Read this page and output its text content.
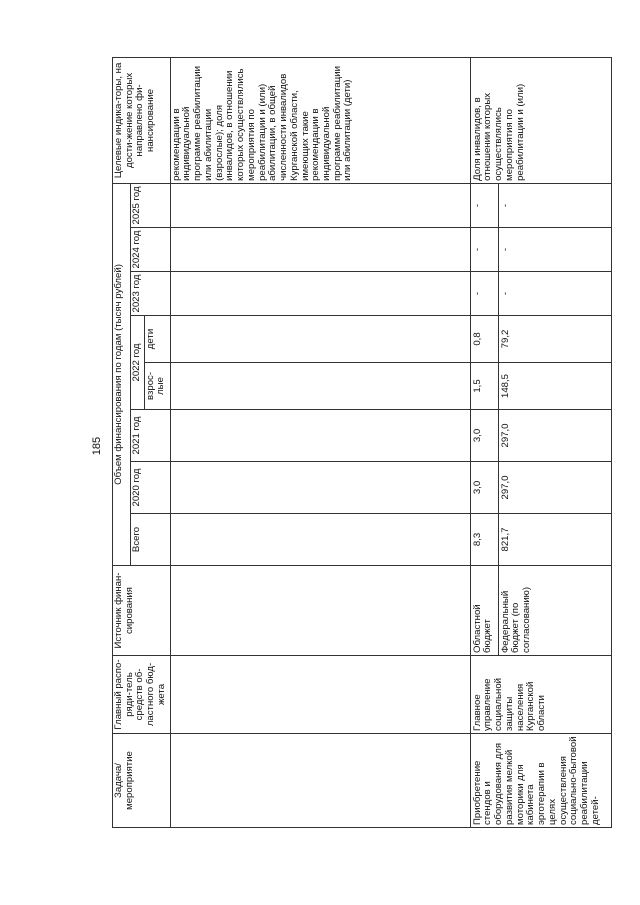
185
Задача/мероприятие	Главный распо-ряди-тель средств об-ластного бюд-жета	Источник финан-сирования	Объем финансирования по годам (тысяч рублей)								Целевые индика-торы, на дости-жение которых направлено фи-нансирование
			Всего	2020 год	2021 год	2022 год		2023 год	2024 год	2025 год	
						взрос-лые	дети				

											рекомендации в индивидуальной программе реабилитации или абилитации (взрослые); доля инвалидов, в отношении которых осуществлялись мероприятия по реабилитации и (или) абилитации, в общей численности инвалидов Курганской области, имеющих такие рекомендации в индивидуальной программе реабилитации или абилитации (дети)
Приобретение стендов и оборудования для развития мелкой моторики для кабинета эрготерапии в целях осуществления социально-бытовой реабилитации детей-	Главное управление социальной защиты населения Курганской области	Областной бюджет	8,3	3,0	3,0	1,5	0,8	-	-	-	Доля инвалидов, в отношении которых осуществлялись мероприятия по реабилитации и (или)
		Федеральный бюджет (по согласованию)	821,7	297,0	297,0	148,5	79,2	-	-	-	
